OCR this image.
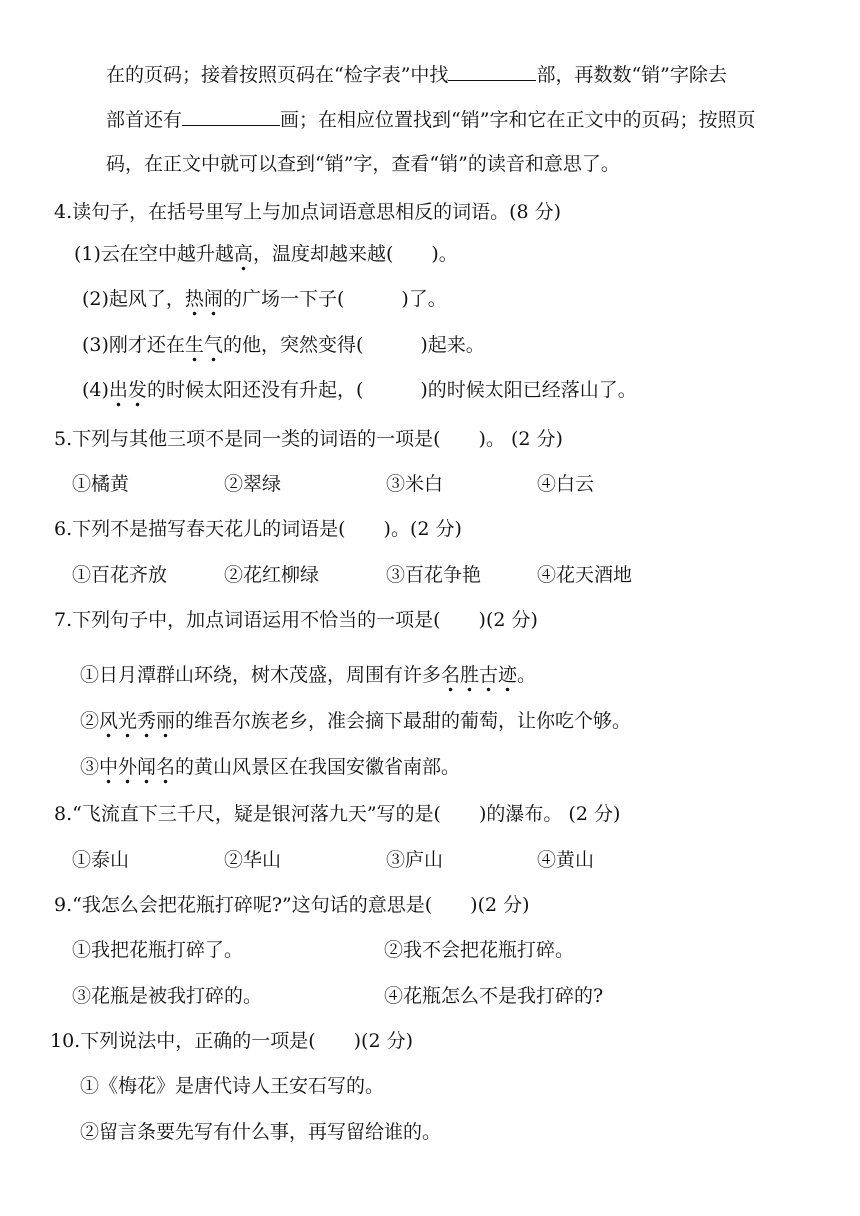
在的页码；接着按照页码在“检字表”中找	部，再数数“销”字除去
部首还有	画；在相应位置找到“销”字和它在正文中的页码；按照页
码，在正文中就可以查到“销”字，查看“销”的读音和意思了。
4.读句子，在括号里写上与加点词语意思相反的词语。(8 分)
(1)云在空中越升越高，温度却越来越(　　)。
(2)起风了，热闹的广场一下子(　　　)了。
(3)刚才还在生气的他，突然变得(　　　)起来。
(4)出发的时候太阳还没有升起，(　　　)的时候太阳已经落山了。
5.下列与其他三项不是同一类的词语的一项是(　　)。 (2 分)
①橘黄	②翠绿	③米白	④白云
6.下列不是描写春天花儿的词语是(　　)。(2 分)
①百花齐放	②花红柳绿	③百花争艳	④花天酒地
7.下列句子中，加点词语运用不恰当的一项是(　　)(2 分)
①日月潭群山环绕，树木茂盛，周围有许多名胜古迹。
②风光秀丽的维吾尔族老乡，准会摘下最甜的葡萄，让你吃个够。
③中外闻名的黄山风景区在我国安徽省南部。
8.“飞流直下三千尺，疑是银河落九天”写的是(　　)的瀑布。 (2 分)
①泰山	②华山	③庐山	④黄山
9.“我怎么会把花瓶打碎呢?”这句话的意思是(　　)(2 分)
①我把花瓶打碎了。	②我不会把花瓶打碎。
③花瓶是被我打碎的。	④花瓶怎么不是我打碎的?
10.下列说法中，正确的一项是(　　)(2 分)
①《梅花》是唐代诗人王安石写的。
②留言条要先写有什么事，再写留给谁的。
